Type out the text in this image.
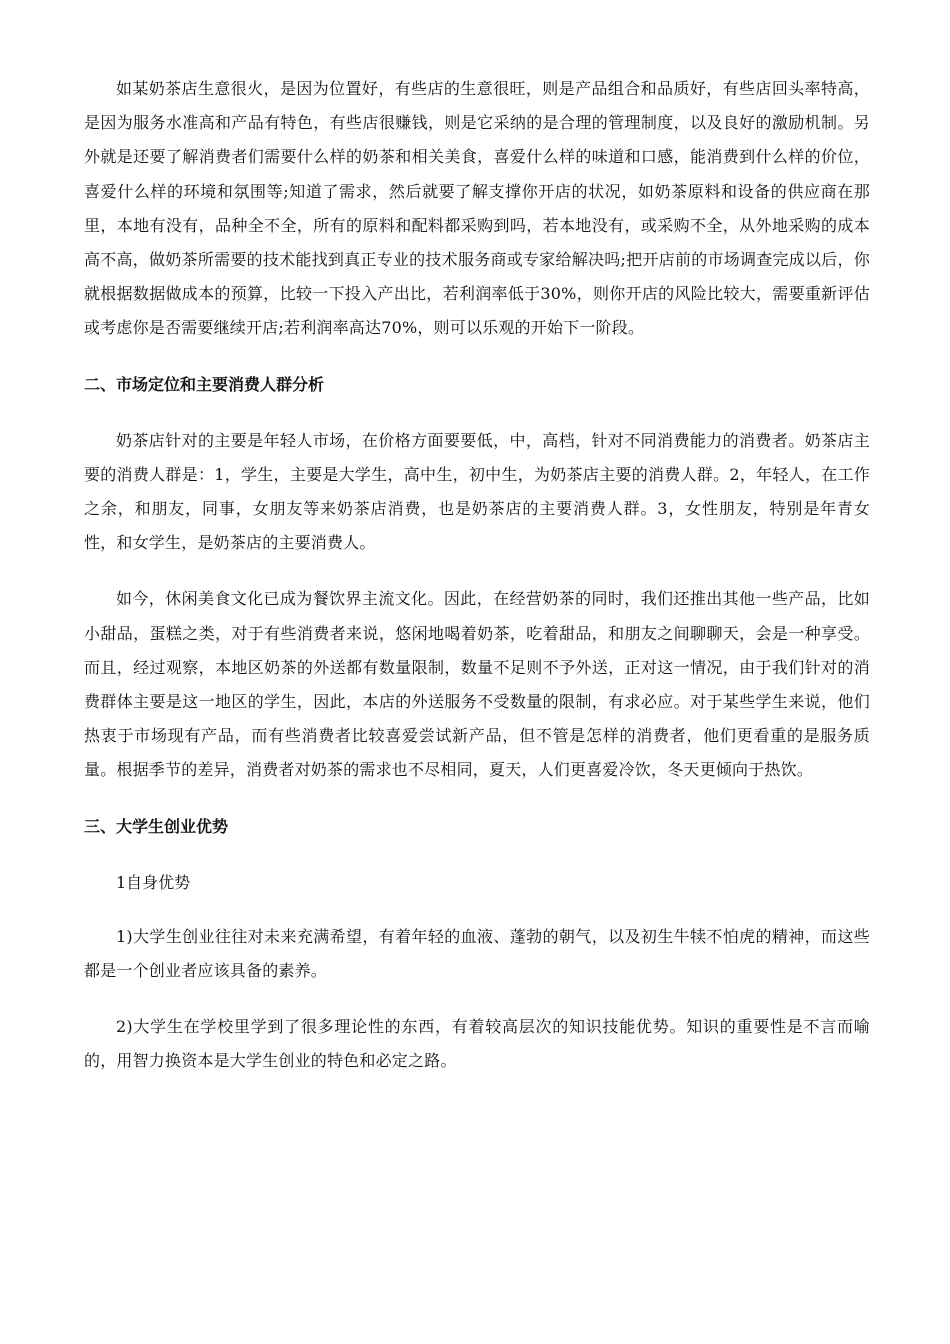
如某奶茶店生意很火，是因为位置好，有些店的生意很旺，则是产品组合和品质好，有些店回头率特高，是因为服务水准高和产品有特色，有些店很赚钱，则是它采纳的是合理的管理制度，以及良好的激励机制。另外就是还要了解消费者们需要什么样的奶茶和相关美食，喜爱什么样的味道和口感，能消费到什么样的价位，喜爱什么样的环境和氛围等;知道了需求，然后就要了解支撑你开店的状况，如奶茶原料和设备的供应商在那里，本地有没有，品种全不全，所有的原料和配料都采购到吗，若本地没有，或采购不全，从外地采购的成本高不高，做奶茶所需要的技术能找到真正专业的技术服务商或专家给解决吗;把开店前的市场调查完成以后，你就根据数据做成本的预算，比较一下投入产出比，若利润率低于30%，则你开店的风险比较大，需要重新评估或考虑你是否需要继续开店;若利润率高达70%，则可以乐观的开始下一阶段。

二、市场定位和主要消费人群分析

奶茶店针对的主要是年轻人市场，在价格方面要要低，中，高档，针对不同消费能力的消费者。奶茶店主要的消费人群是：1，学生，主要是大学生，高中生，初中生，为奶茶店主要的消费人群。2，年轻人，在工作之余，和朋友，同事，女朋友等来奶茶店消费，也是奶茶店的主要消费人群。3，女性朋友，特别是年青女性，和女学生，是奶茶店的主要消费人。

如今，休闲美食文化已成为餐饮界主流文化。因此，在经营奶茶的同时，我们还推出其他一些产品，比如小甜品，蛋糕之类，对于有些消费者来说，悠闲地喝着奶茶，吃着甜品，和朋友之间聊聊天，会是一种享受。而且，经过观察，本地区奶茶的外送都有数量限制，数量不足则不予外送，正对这一情况，由于我们针对的消费群体主要是这一地区的学生，因此，本店的外送服务不受数量的限制，有求必应。对于某些学生来说，他们热衷于市场现有产品，而有些消费者比较喜爱尝试新产品，但不管是怎样的消费者，他们更看重的是服务质量。根据季节的差异，消费者对奶茶的需求也不尽相同，夏天，人们更喜爱冷饮，冬天更倾向于热饮。

三、大学生创业优势

1自身优势

1)大学生创业往往对未来充满希望，有着年轻的血液、蓬勃的朝气，以及初生牛犊不怕虎的精神，而这些都是一个创业者应该具备的素养。

2)大学生在学校里学到了很多理论性的东西，有着较高层次的知识技能优势。知识的重要性是不言而喻的，用智力换资本是大学生创业的特色和必定之路。
